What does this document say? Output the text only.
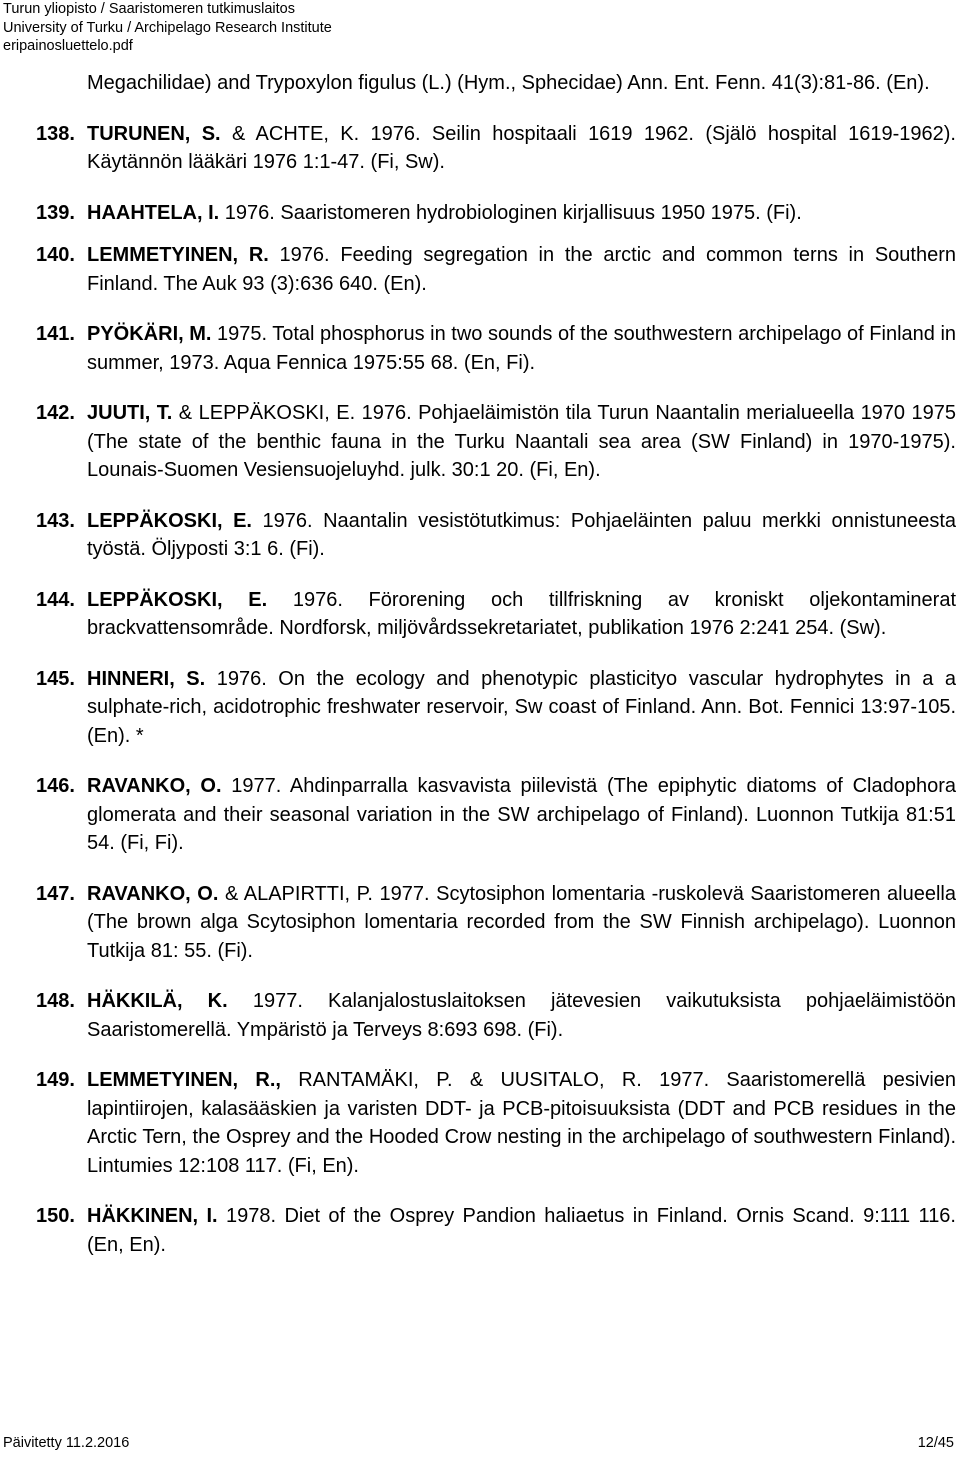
Turun yliopisto / Saaristomeren tutkimuslaitos
University of Turku / Archipelago Research Institute
eripainosluettelo.pdf
Megachilidae) and Trypoxylon figulus (L.) (Hym., Sphecidae) Ann. Ent. Fenn. 41(3):81-86. (En).
138. TURUNEN, S. & ACHTE, K. 1976. Seilin hospitaali 1619 1962. (Själö hospital 1619-1962). Käytännön lääkäri 1976 1:1-47. (Fi, Sw).
139. HAAHTELA, I. 1976. Saaristomeren hydrobiologinen kirjallisuus 1950 1975. (Fi).
140. LEMMETYINEN, R. 1976. Feeding segregation in the arctic and common terns in Southern Finland. The Auk 93 (3):636 640. (En).
141. PYÖKÄRI, M. 1975. Total phosphorus in two sounds of the southwestern archipelago of Finland in summer, 1973. Aqua Fennica 1975:55 68. (En, Fi).
142. JUUTI, T. & LEPPÄKOSKI, E. 1976. Pohjaeläimistön tila Turun Naantalin merialueella 1970 1975 (The state of the benthic fauna in the Turku Naantali sea area (SW Finland) in 1970-1975). Lounais-Suomen Vesiensuojeluyhd. julk. 30:1 20. (Fi, En).
143. LEPPÄKOSKI, E. 1976. Naantalin vesistötutkimus: Pohjaeläinten paluu merkki onnistuneesta työstä. Öljyposti 3:1 6. (Fi).
144. LEPPÄKOSKI, E. 1976. Förorening och tillfriskning av kroniskt oljekontaminerat brackvattensområde. Nordforsk, miljövårdssekretariatet, publikation 1976 2:241 254. (Sw).
145. HINNERI, S. 1976. On the ecology and phenotypic plasticityo vascular hydrophytes in a a sulphate-rich, acidotrophic freshwater reservoir, Sw coast of Finland. Ann. Bot. Fennici 13:97-105. (En). *
146. RAVANKO, O. 1977. Ahdinparralla kasvavista piilevistä (The epiphytic diatoms of Cladophora glomerata and their seasonal variation in the SW archipelago of Finland). Luonnon Tutkija 81:51 54. (Fi, Fi).
147. RAVANKO, O. & ALAPIRTTI, P. 1977. Scytosiphon lomentaria -ruskolevä Saaristomeren alueella (The brown alga Scytosiphon lomentaria recorded from the SW Finnish archipelago). Luonnon Tutkija 81: 55. (Fi).
148. HÄKKILÄ, K. 1977. Kalanjalostuslaitoksen jätevesien vaikutuksista pohjaeläimistöön Saaristomerellä. Ympäristö ja Terveys 8:693 698. (Fi).
149. LEMMETYINEN, R., RANTAMÄKI, P. & UUSITALO, R. 1977. Saaristomerellä pesivien lapintiirojen, kalasääskien ja varisten DDT- ja PCB-pitoisuuksista (DDT and PCB residues in the Arctic Tern, the Osprey and the Hooded Crow nesting in the archipelago of southwestern Finland). Lintumies 12:108 117. (Fi, En).
150. HÄKKINEN, I. 1978. Diet of the Osprey Pandion haliaetus in Finland. Ornis Scand. 9:111 116. (En, En).
Päivitetty 11.2.2016	12/45
